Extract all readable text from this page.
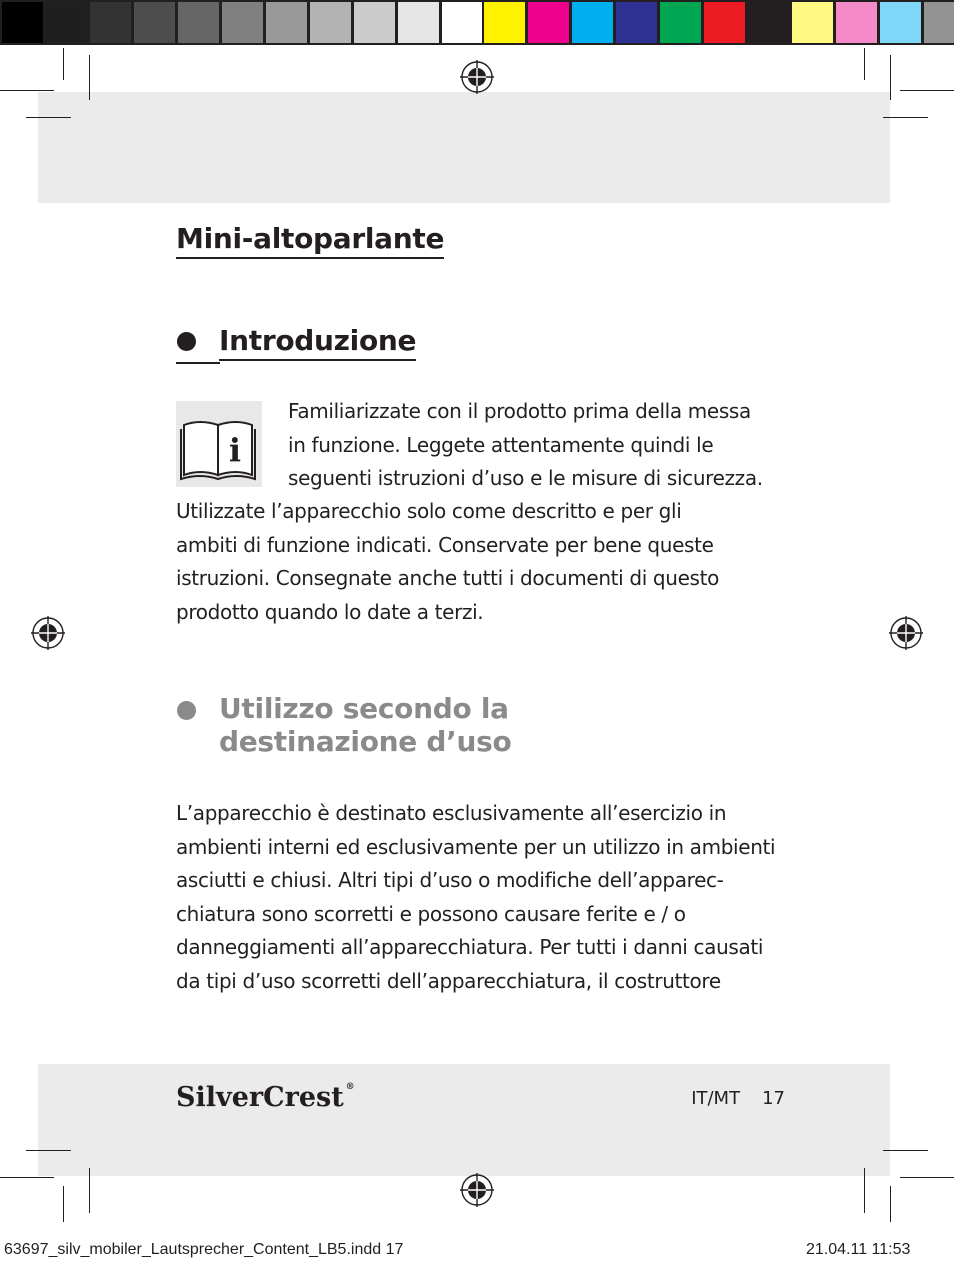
Mini-altoparlante
Introduzione
i
Familiarizzate con il prodotto prima della messa
in funzione. Leggete attentamente quindi le
seguenti istruzioni d’uso e le misure di sicurezza.
Utilizzate l’apparecchio solo come descritto e per gli
ambiti di funzione indicati. Conservate per bene queste
istruzioni. Consegnate anche tutti i documenti di questo
prodotto quando lo date a terzi.
Utilizzo secondo la
destinazione d’uso
L’apparecchio è destinato esclusivamente all’esercizio in
ambienti interni ed esclusivamente per un utilizzo in ambienti
asciutti e chiusi. Altri tipi d’uso o modifiche dell’apparec-
chiatura sono scorretti e possono causare ferite e / o
danneggiamenti all’apparecchiatura. Per tutti i danni causati
da tipi d’uso scorretti dell’apparecchiatura, il costruttore
SilverCrest ®
IT/MT 17
63697_silv_mobiler_Lautsprecher_Content_LB5.indd 17	21.04.11 11:53
